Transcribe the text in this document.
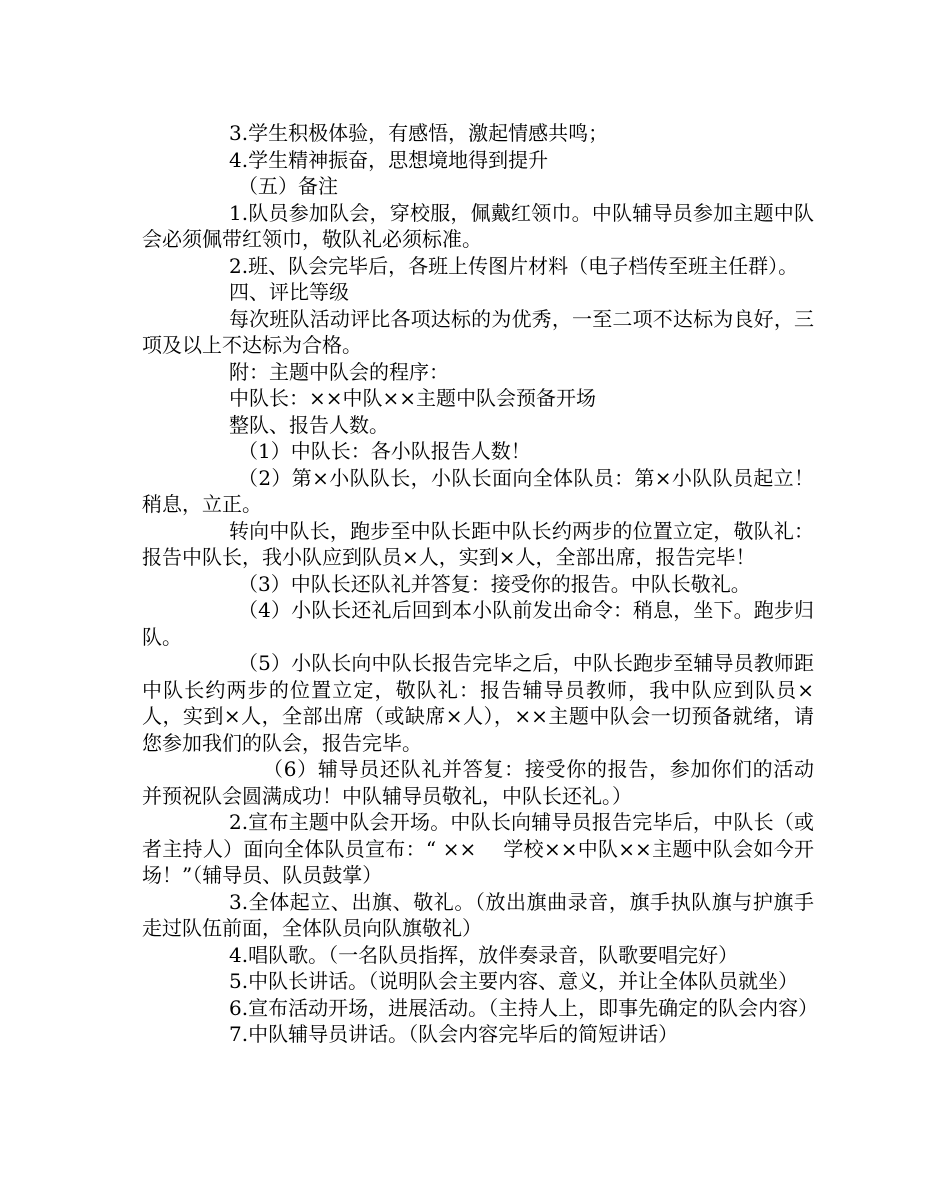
3.学生积极体验，有感悟，激起情感共鸣；

4.学生精神振奋，思想境地得到提升

（五）备注

1.队员参加队会，穿校服，佩戴红领巾。中队辅导员参加主题中队会必须佩带红领巾，敬队礼必须标准。

2.班、队会完毕后，各班上传图片材料（电子档传至班主任群）。

四、评比等级

每次班队活动评比各项达标的为优秀，一至二项不达标为良好，三项及以上不达标为合格。

附：主题中队会的程序：

中队长：××中队××主题中队会预备开场

整队、报告人数。

（1）中队长：各小队报告人数！

（2）第×小队队长，小队长面向全体队员：第×小队队员起立！稍息，立正。

转向中队长，跑步至中队长距中队长约两步的位置立定，敬队礼：报告中队长，我小队应到队员×人，实到×人，全部出席，报告完毕！

（3）中队长还队礼并答复：接受你的报告。中队长敬礼。

（4）小队长还礼后回到本小队前发出命令：稍息，坐下。跑步归队。

（5）小队长向中队长报告完毕之后，中队长跑步至辅导员教师距中队长约两步的位置立定，敬队礼：报告辅导员教师，我中队应到队员×人，实到×人，全部出席（或缺席×人），××主题中队会一切预备就绪，请您参加我们的队会，报告完毕。

（6）辅导员还队礼并答复：接受你的报告，参加你们的活动并预祝队会圆满成功！中队辅导员敬礼，中队长还礼。）

2.宣布主题中队会开场。中队长向辅导员报告完毕后，中队长（或者主持人）面向全体队员宣布：“ ××　 学校××中队××主题中队会如今开场！”（辅导员、队员鼓掌）

3.全体起立、出旗、敬礼。（放出旗曲录音，旗手执队旗与护旗手走过队伍前面，全体队员向队旗敬礼）

4.唱队歌。（一名队员指挥，放伴奏录音，队歌要唱完好）

5.中队长讲话。（说明队会主要内容、意义，并让全体队员就坐）

6.宣布活动开场，进展活动。（主持人上，即事先确定的队会内容）

7.中队辅导员讲话。（队会内容完毕后的简短讲话）
